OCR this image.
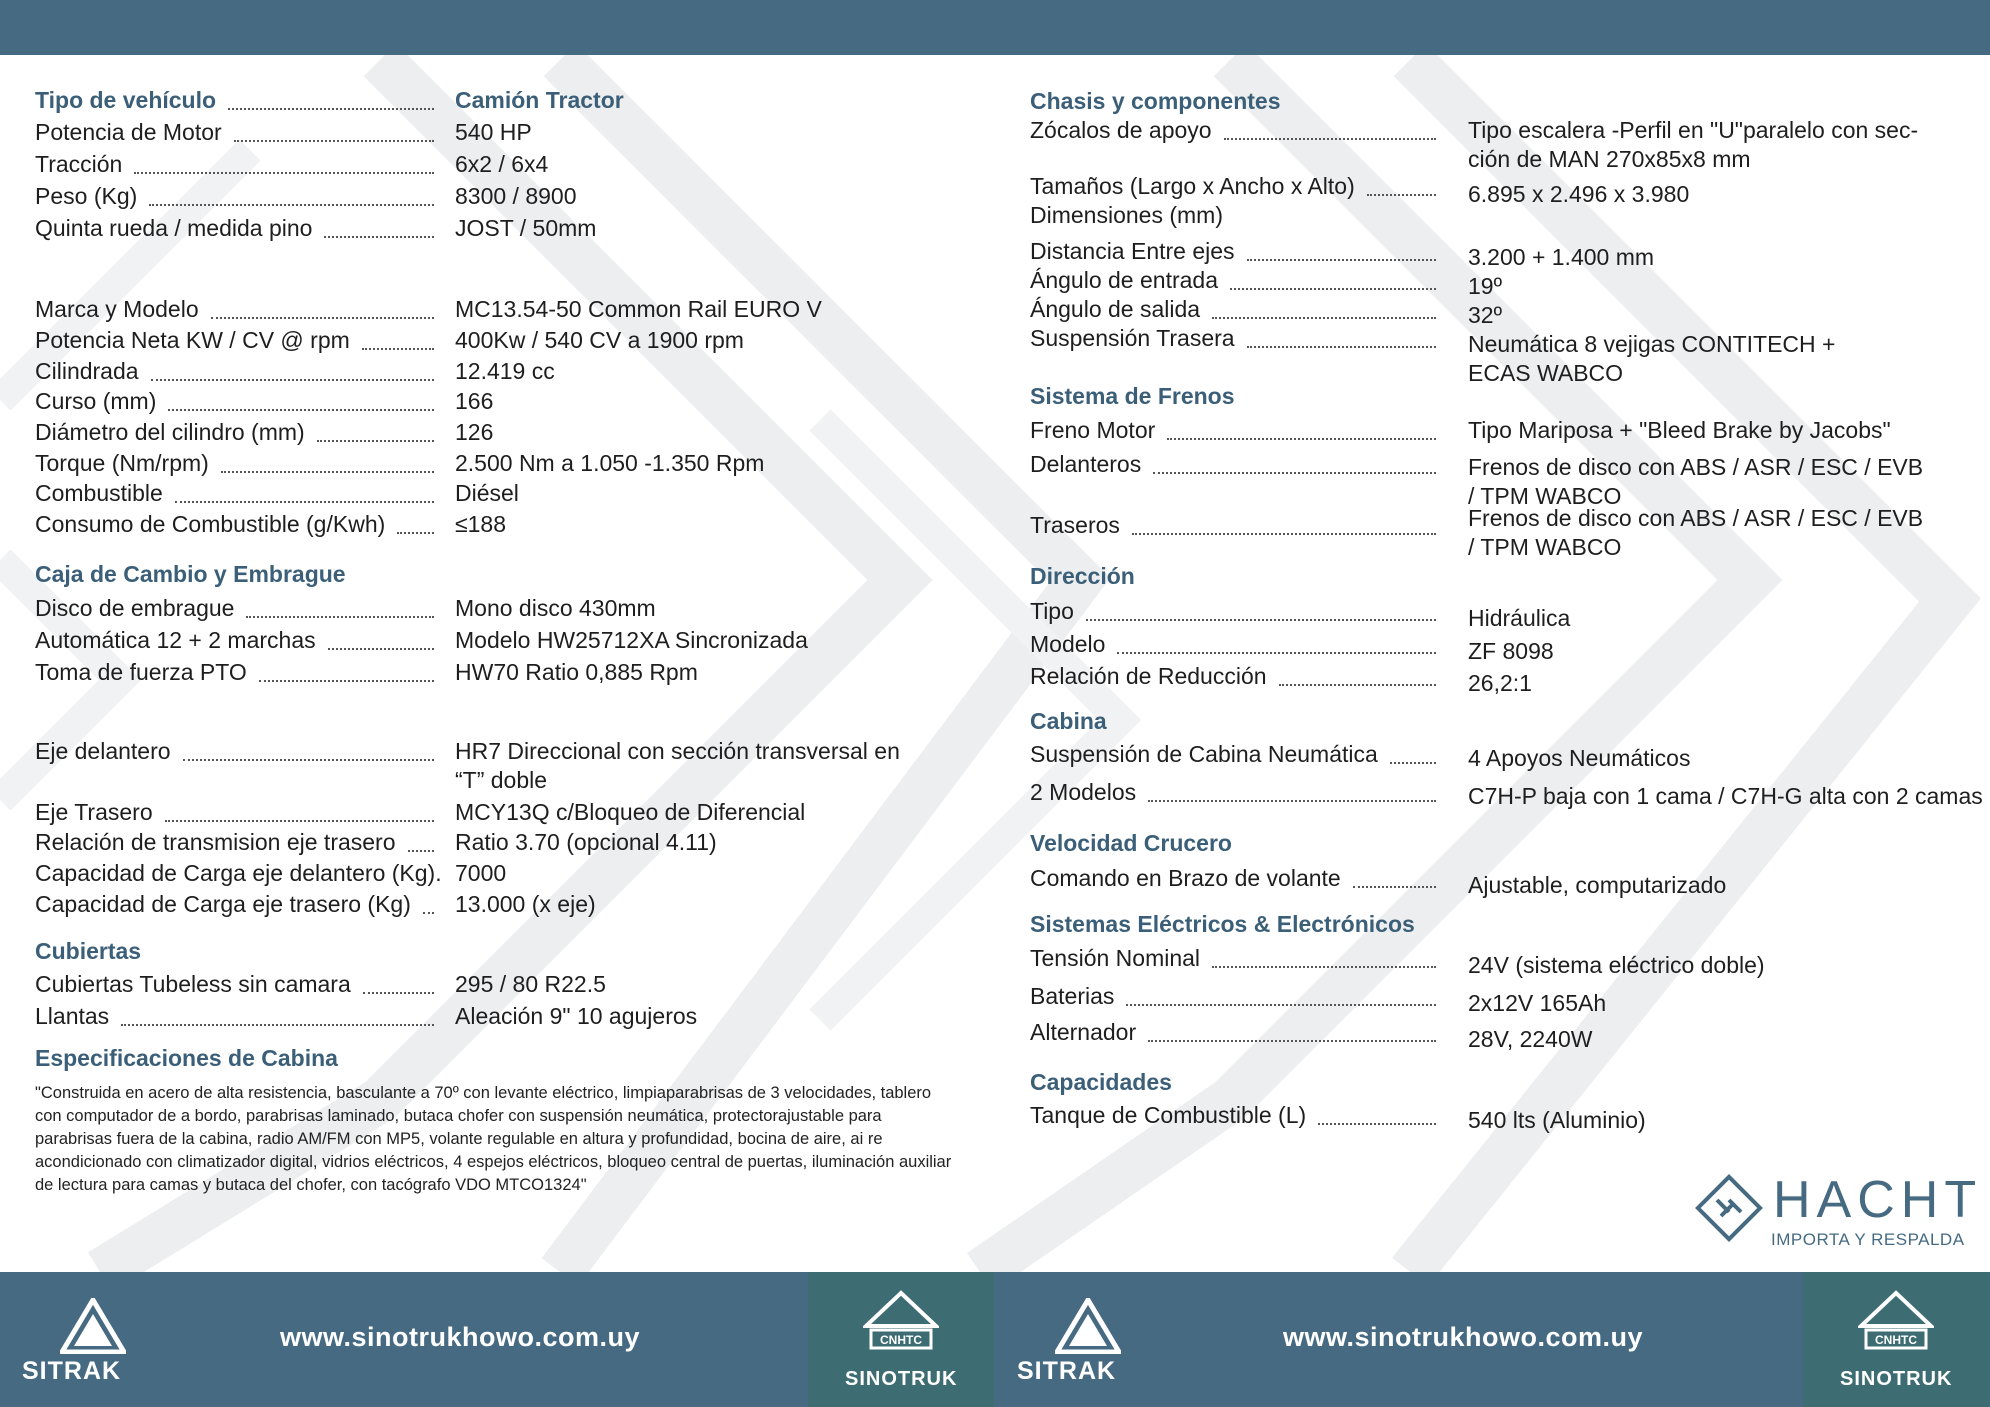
Tipo de vehículo	Camión Tractor
Potencia de Motor	540 HP
Tracción	6x2 / 6x4
Peso (Kg)	8300 / 8900
Quinta rueda / medida pino	JOST / 50mm
Marca y Modelo	MC13.54-50 Common Rail EURO V
Potencia Neta KW / CV @ rpm	400Kw / 540 CV a 1900 rpm
Cilindrada	12.419 cc
Curso (mm)	166
Diámetro del cilindro (mm)	126
Torque (Nm/rpm)	2.500 Nm a 1.050 -1.350 Rpm
Combustible	Diésel
Consumo de Combustible (g/Kwh)	≤188
Caja de Cambio y Embrague
Disco de embrague	Mono disco 430mm
Automática 12 + 2 marchas	Modelo HW25712XA Sincronizada
Toma de fuerza PTO	HW70 Ratio 0,885 Rpm
Eje delantero	HR7 Direccional con sección transversal en
“T” doble
Eje Trasero	MCY13Q c/Bloqueo de Diferencial
Relación de transmision eje trasero	Ratio 3.70 (opcional 4.11)
Capacidad de Carga eje delantero (Kg). 7000
Capacidad de Carga eje trasero (Kg) 13.000 (x eje)
Cubiertas
Cubiertas Tubeless sin camara	295 / 80 R22.5
Llantas	Aleación 9" 10 agujeros
Chasis y componentes
Zócalos de apoyo	Tipo escalera -Perfil en "U"paralelo con sec-
ción de MAN 270x85x8 mm
Tamaños (Largo x Ancho x Alto)
Dimensiones (mm)
6.895 x 2.496 x 3.980
Distancia Entre ejes	3.200 + 1.400 mm
Ángulo de entrada	19º
Ángulo de salida	32º
Suspensión Trasera	Neumática 8 vejigas CONTITECH +
ECAS WABCO
Sistema de Frenos
Freno Motor	Tipo Mariposa + "Bleed Brake by Jacobs"
Delanteros	Frenos de disco con ABS / ASR / ESC / EVB
/ TPM WABCO
Traseros	Frenos de disco con ABS / ASR / ESC / EVB
/ TPM WABCO
Dirección
Tipo	Hidráulica
Modelo	ZF 8098
Relación de Reducción	26,2:1
Cabina
Suspensión de Cabina Neumática	4 Apoyos Neumáticos
2 Modelos	C7H-P baja con 1 cama / C7H-G alta con 2 camas
Velocidad Crucero
Comando en Brazo de volante	Ajustable, computarizado
Sistemas Eléctricos & Electrónicos
Tensión Nominal	24V (sistema eléctrico doble)
Baterias	2x12V 165Ah
Alternador	28V, 2240W
Capacidades
Tanque de Combustible (L)	540 lts (Aluminio)
Especificaciones de Cabina
"Construida en acero de alta resistencia, basculante a 70º con levante eléctrico, limpiaparabrisas de 3 velocidades, tablero con computador de a bordo, parabrisas laminado, butaca chofer con suspensión neumática, protectorajustable para parabrisas fuera de la cabina, radio AM/FM con MP5, volante regulable en altura y profundidad, bocina de aire, ai re acondicionado con climatizador digital, vidrios eléctricos, 4 espejos eléctricos, bloqueo central de puertas, iluminación auxiliar de lectura para camas y butaca del chofer, con tacógrafo VDO MTCO1324"	HACHT
IMPORTA Y RESPALDA
SITRAK
www.sinotrukhowo.com.uy	CNHTC
SINOTRUK SITRAK
www.sinotrukhowo.com.uy	CNHTC
SINOTRUK
